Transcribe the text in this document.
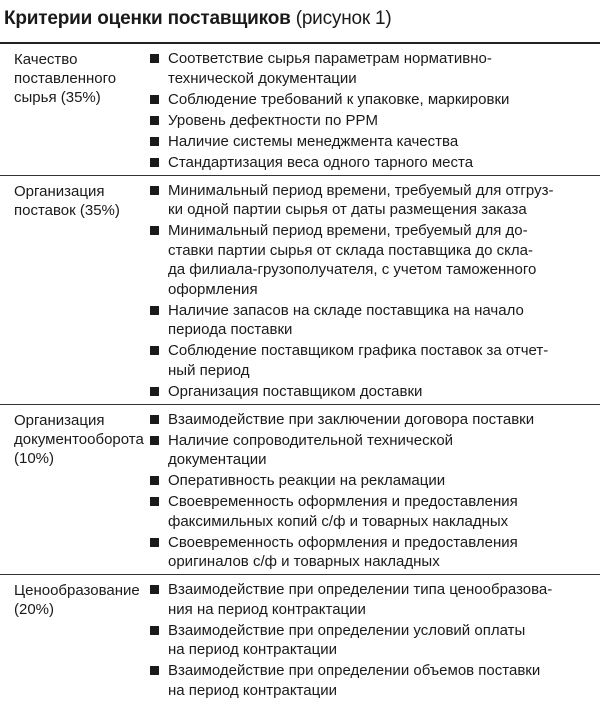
Критерии оценки поставщиков (рисунок 1)
Качество
поставленного
сырья (35%)
Соответствие сырья параметрам нормативно-
технической документации
Соблюдение требований к упаковке, маркировки
Уровень дефектности по PPM
Наличие системы менеджмента качества
Стандартизация веса одного тарного места
Организация
поставок (35%)
Минимальный период времени, требуемый для отгруз-
ки одной партии сырья от даты размещения заказа
Минимальный период времени, требуемый для до-
ставки партии сырья от склада поставщика до скла-
да филиала-грузополучателя, с учетом таможенного
оформления
Наличие запасов на складе поставщика на начало
периода поставки
Соблюдение поставщиком графика поставок за отчет-
ный период
Организация поставщиком доставки
Организация
документооборота
(10%)
Взаимодействие при заключении договора поставки
Наличие сопроводительной технической
документации
Оперативность реакции на рекламации
Своевременность оформления и предоставления
факсимильных копий с/ф и товарных накладных
Своевременность оформления и предоставления
оригиналов с/ф и товарных накладных
Ценообразование
(20%)
Взаимодействие при определении типа ценообразова-
ния на период контрактации
Взаимодействие при определении условий оплаты
на период контрактации
Взаимодействие при определении объемов поставки
на период контрактации
